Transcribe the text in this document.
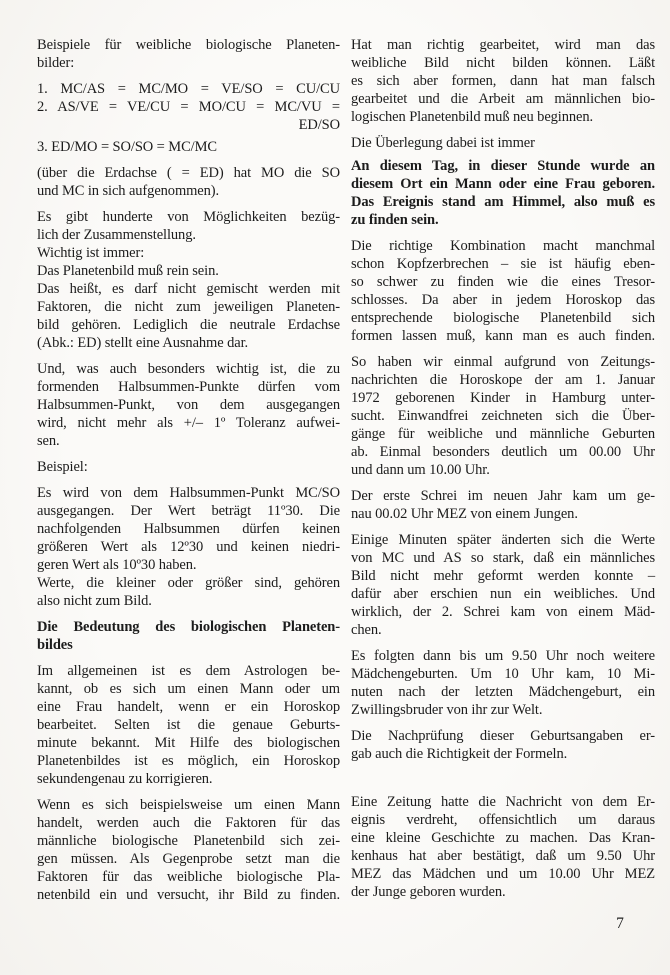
Beispiele für weibliche biologische Planeten-
bilder:
1. MC/AS = MC/MO = VE/SO = CU/CU
2. AS/VE = VE/CU = MO/CU = MC/VU =
ED/SO
3. ED/MO = SO/SO = MC/MC
(über die Erdachse ( = ED) hat MO die SO
und MC in sich aufgenommen).
Es gibt hunderte von Möglichkeiten bezüg-
lich der Zusammenstellung.
Wichtig ist immer:
Das Planetenbild muß rein sein.
Das heißt, es darf nicht gemischt werden mit
Faktoren, die nicht zum jeweiligen Planeten-
bild gehören. Lediglich die neutrale Erdachse
(Abk.: ED) stellt eine Ausnahme dar.
Und, was auch besonders wichtig ist, die zu
formenden Halbsummen-Punkte dürfen vom
Halbsummen-Punkt, von dem ausgegangen
wird, nicht mehr als +/– 1º Toleranz aufwei-
sen.
Beispiel:
Es wird von dem Halbsummen-Punkt MC/SO
ausgegangen. Der Wert beträgt 11º30. Die
nachfolgenden Halbsummen dürfen keinen
größeren Wert als 12º30 und keinen niedri-
geren Wert als 10º30 haben.
Werte, die kleiner oder größer sind, gehören
also nicht zum Bild.
Die Bedeutung des biologischen Planeten-
bildes
Im allgemeinen ist es dem Astrologen be-
kannt, ob es sich um einen Mann oder um
eine Frau handelt, wenn er ein Horoskop
bearbeitet. Selten ist die genaue Geburts-
minute bekannt. Mit Hilfe des biologischen
Planetenbildes ist es möglich, ein Horoskop
sekundengenau zu korrigieren.
Wenn es sich beispielsweise um einen Mann
handelt, werden auch die Faktoren für das
männliche biologische Planetenbild sich zei-
gen müssen. Als Gegenprobe setzt man die
Faktoren für das weibliche biologische Pla-
netenbild ein und versucht, ihr Bild zu finden.
Hat man richtig gearbeitet, wird man das
weibliche Bild nicht bilden können. Läßt
es sich aber formen, dann hat man falsch
gearbeitet und die Arbeit am männlichen bio-
logischen Planetenbild muß neu beginnen.
Die Überlegung dabei ist immer
An diesem Tag, in dieser Stunde wurde an
diesem Ort ein Mann oder eine Frau geboren.
Das Ereignis stand am Himmel, also muß es
zu finden sein.
Die richtige Kombination macht manchmal
schon Kopfzerbrechen – sie ist häufig eben-
so schwer zu finden wie die eines Tresor-
schlosses. Da aber in jedem Horoskop das
entsprechende biologische Planetenbild sich
formen lassen muß, kann man es auch finden.
So haben wir einmal aufgrund von Zeitungs-
nachrichten die Horoskope der am 1. Januar
1972 geborenen Kinder in Hamburg unter-
sucht. Einwandfrei zeichneten sich die Über-
gänge für weibliche und männliche Geburten
ab. Einmal besonders deutlich um 00.00 Uhr
und dann um 10.00 Uhr.
Der erste Schrei im neuen Jahr kam um ge-
nau 00.02 Uhr MEZ von einem Jungen.
Einige Minuten später änderten sich die Werte
von MC und AS so stark, daß ein männliches
Bild nicht mehr geformt werden konnte –
dafür aber erschien nun ein weibliches. Und
wirklich, der 2. Schrei kam von einem Mäd-
chen.
Es folgten dann bis um 9.50 Uhr noch weitere
Mädchengeburten. Um 10 Uhr kam, 10 Mi-
nuten nach der letzten Mädchengeburt, ein
Zwillingsbruder von ihr zur Welt.
Die Nachprüfung dieser Geburtsangaben er-
gab auch die Richtigkeit der Formeln.
Eine Zeitung hatte die Nachricht von dem Er-
eignis verdreht, offensichtlich um daraus
eine kleine Geschichte zu machen. Das Kran-
kenhaus hat aber bestätigt, daß um 9.50 Uhr
MEZ das Mädchen und um 10.00 Uhr MEZ
der Junge geboren wurden.
7
